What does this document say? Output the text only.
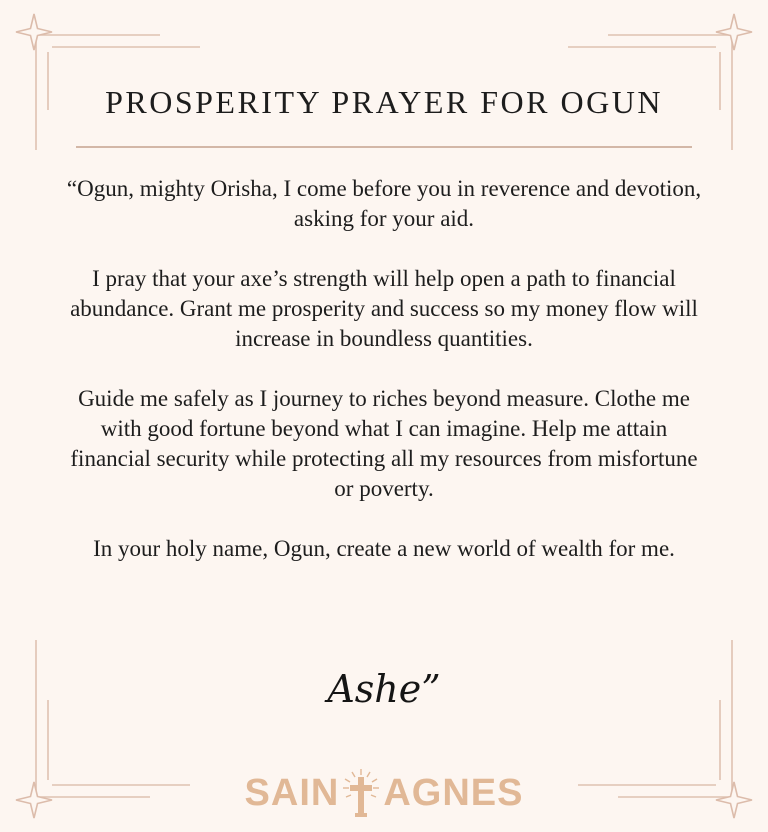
PROSPERITY PRAYER FOR OGUN

“Ogun, mighty Orisha, I come before you in reverence and devotion, asking for your aid.

I pray that your axe’s strength will help open a path to financial abundance. Grant me prosperity and success so my money flow will increase in boundless quantities.

Guide me safely as I journey to riches beyond measure. Clothe me with good fortune beyond what I can imagine. Help me attain financial security while protecting all my resources from misfortune or poverty.

In your holy name, Ogun, create a new world of wealth for me.

Ashe”
SAIN AGNES
